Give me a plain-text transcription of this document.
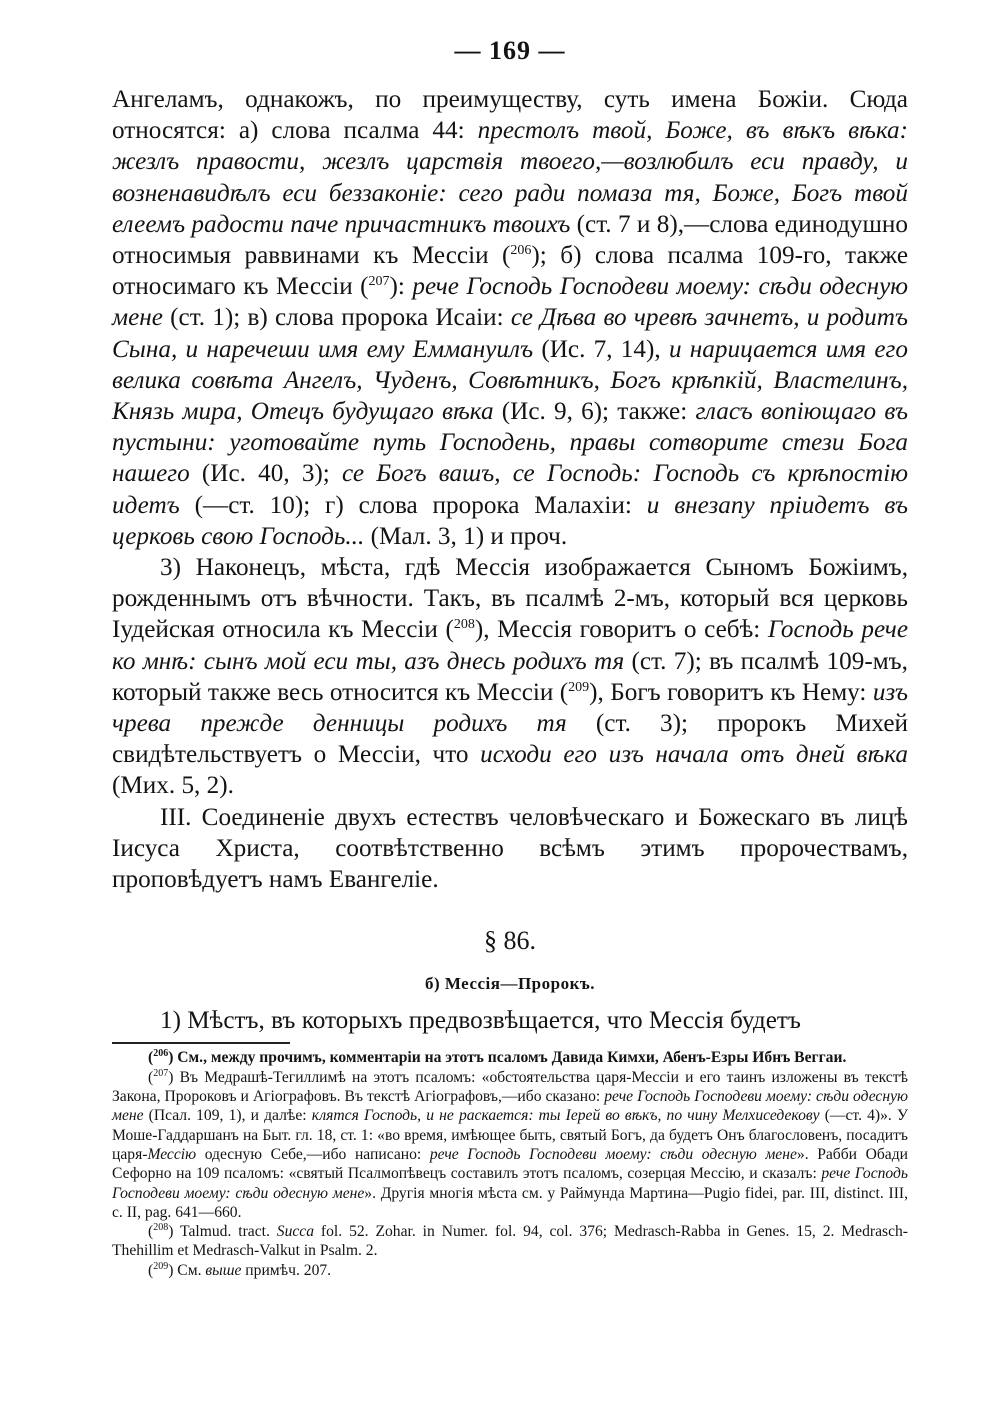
— 169 —

Ангеламъ, однакожъ, по преимуществу, суть имена Божіи. Сюда относятся: а) слова псалма 44: престолъ твой, Боже, въ вѣкъ вѣка: жезлъ правости, жезлъ царствія твоего,—возлюбилъ еси правду, и возненавидѣлъ еси беззаконіе: сего ради помаза тя, Боже, Богъ твой елеемъ радости паче причастникъ твоихъ (ст. 7 и 8),—слова единодушно относимыя раввинами къ Мессіи ($^{206}$); б) слова псалма 109-го, также относимаго къ Мессіи ($^{207}$): рече Господь Господеви моему: сѣди одесную мене (ст. 1); в) слова пророка Исаіи: се Дѣва во чревѣ зачнетъ, и родитъ Сына, и наречеши имя ему Еммануилъ (Ис. 7, 14), и нарицается имя его велика совѣта Ангелъ, Чуденъ, Совѣтникъ, Богъ крѣпкій, Властелинъ, Князь мира, Отецъ будущаго вѣка (Ис. 9, 6); также: гласъ вопіющаго въ пустыни: уготовайте путь Господень, правы сотворите стези Бога нашего (Ис. 40, 3); се Богъ вашъ, се Господь: Господь съ крѣпостію идетъ (—ст. 10); г) слова пророка Малахіи: и внезапу пріидетъ въ церковь свою Господь... (Мал. 3, 1) и проч.

3) Наконецъ, мѣста, гдѣ Мессія изображается Сыномъ Божіимъ, рожденнымъ отъ вѣчности. Такъ, въ псалмѣ 2-мъ, который вся церковь Іудейская относила къ Мессіи ($^{208}$), Мессія говоритъ о себѣ: Господь рече ко мнѣ: сынъ мой еси ты, азъ днесь родихъ тя (ст. 7); въ псалмѣ 109-мъ, который также весь относится къ Мессіи ($^{209}$), Богъ говоритъ къ Нему: изъ чрева прежде денницы родихъ тя (ст. 3); пророкъ Михей свидѣтельствуетъ о Мессіи, что исходи его изъ начала отъ дней вѣка (Мих. 5, 2).

III. Соединеніе двухъ естествъ человѣческаго и Божескаго въ лицѣ Іисуса Христа, соотвѣтственно всѣмъ этимъ пророчествамъ, проповѣдуетъ намъ Евангеліе.

§ 86.
б) Мессія—Пророкъ.
1) Мѣстъ, въ которыхъ предвозвѣщается, что Мессія будетъ

($^{206}$) См., между прочимъ, комментаріи на этотъ псаломъ Давида Кимхи, Абенъ-Езры Ибнъ Веггаи.

($^{207}$) Въ Медрашѣ-Тегиллимѣ на этотъ псаломъ: «обстоятельства царя-Мессіи и его таинъ изложены въ текстѣ Закона, Пророковъ и Агіографовъ. Въ текстѣ Агіографовъ,—ибо сказано: рече Господь Господеви моему: сѣди одесную мене (Псал. 109, 1), и далѣе: клятся Господь, и не раскается: ты Іерей во вѣкъ, по чину Мелхиседекову (—ст. 4)». У Моше-Гаддаршанъ на Быт. гл. 18, ст. 1: «во время, имѣющее быть, святый Богъ, да будетъ Онъ благословенъ, посадитъ царя-Мессію одесную Себе,—ибо написано: рече Господь Господеви моему: сѣди одесную мене». Рабби Обади Сефорно на 109 псаломъ: «святый Псалмопѣвецъ составилъ этотъ псаломъ, созерцая Мессію, и сказалъ: рече Господь Господеви моему: сѣди одесную мене». Другія многія мѣста см. у Раймунда Мартина—Pugio fidei, par. III, distinct. III, c. II, pag. 641—660.

($^{208}$) Talmud. tract. Succa fol. 52. Zohar. in Numer. fol. 94, col. 376; Medrasch-Rabba in Genes. 15, 2. Medrasch-Thehillim et Medrasch-Valkut in Psalm. 2.

($^{209}$) См. выше примѣч. 207.
